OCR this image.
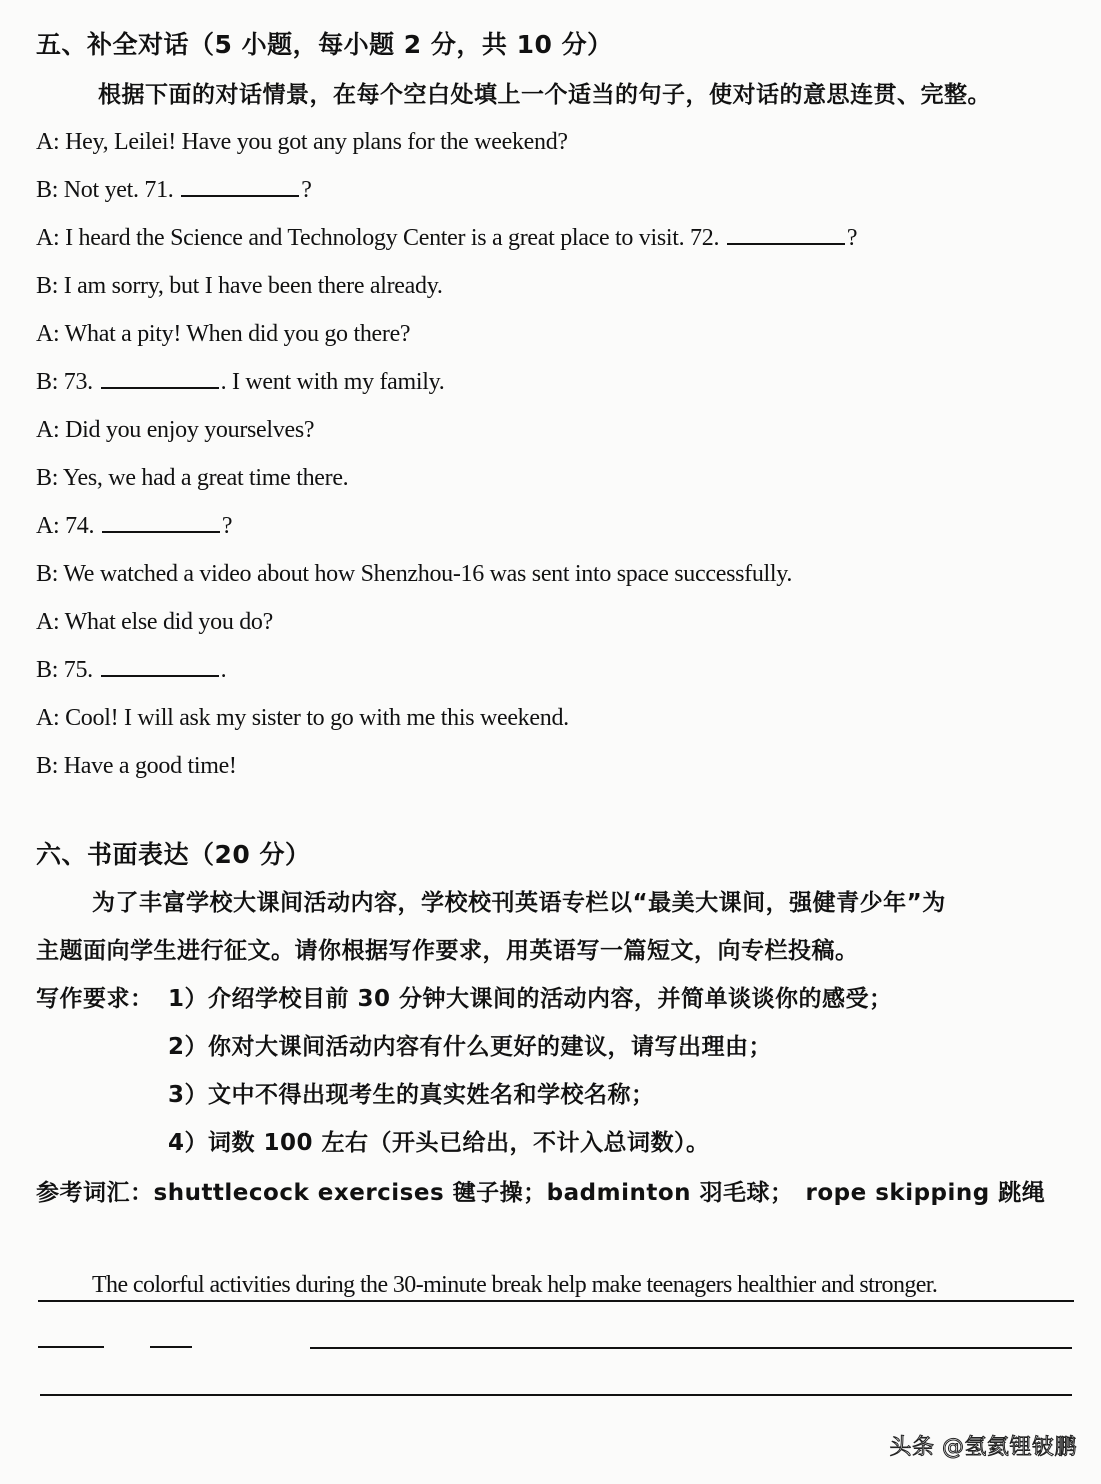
五、补全对话（5 小题，每小题 2 分，共 10 分）
根据下面的对话情景，在每个空白处填上一个适当的句子，使对话的意思连贯、完整。
A: Hey, Leilei! Have you got any plans for the weekend?
B: Not yet. 71.	?
A: I heard the Science and Technology Center is a great place to visit. 72.	?
B: I am sorry, but I have been there already.
A: What a pity! When did you go there?
B: 73.	. I went with my family.
A: Did you enjoy yourselves?
B: Yes, we had a great time there.
A: 74.	?
B: We watched a video about how Shenzhou-16 was sent into space successfully.
A: What else did you do?
B: 75.	.
A: Cool! I will ask my sister to go with me this weekend.
B: Have a good time!
六、书面表达（20 分）
为了丰富学校大课间活动内容，学校校刊英语专栏以“最美大课间，强健青少年”为
主题面向学生进行征文。请你根据写作要求，用英语写一篇短文，向专栏投稿。
写作要求： 1）介绍学校目前 30 分钟大课间的活动内容，并简单谈谈你的感受；
2）你对大课间活动内容有什么更好的建议，请写出理由；
3）文中不得出现考生的真实姓名和学校名称；
4）词数 100 左右（开头已给出，不计入总词数）。
参考词汇：shuttlecock exercises 毽子操；badminton 羽毛球；　rope skipping 跳绳
The colorful activities during the 30-minute break help make teenagers healthier and stronger.
头条 @氢氦锂铍鹏
